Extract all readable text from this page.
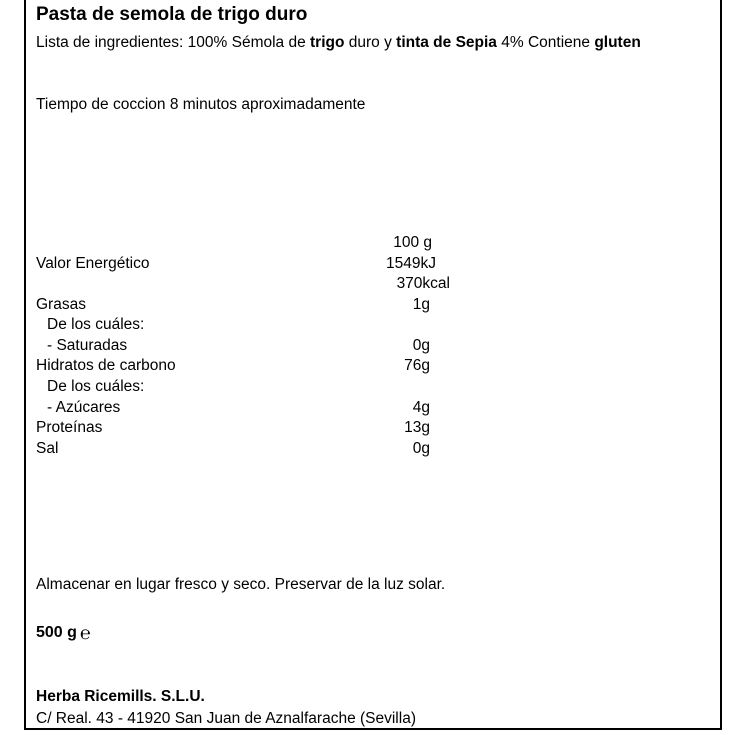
Pasta de semola de trigo duro
Lista de ingredientes: 100% Sémola de trigo duro y tinta de Sepia 4% Contiene gluten
Tiempo de coccion 8 minutos aproximadamente
100 g
Valor Energético	1549kJ
370kcal
Grasas	1g
De los cuáles:
- Saturadas	0g
Hidratos de carbono	76g
De los cuáles:
- Azúcares	4g
Proteínas	13g
Sal	0g
Almacenar en lugar fresco y seco. Preservar de la luz solar.
500 g ℮
Herba Ricemills. S.L.U.
C/ Real. 43 - 41920 San Juan de Aznalfarache (Sevilla)
